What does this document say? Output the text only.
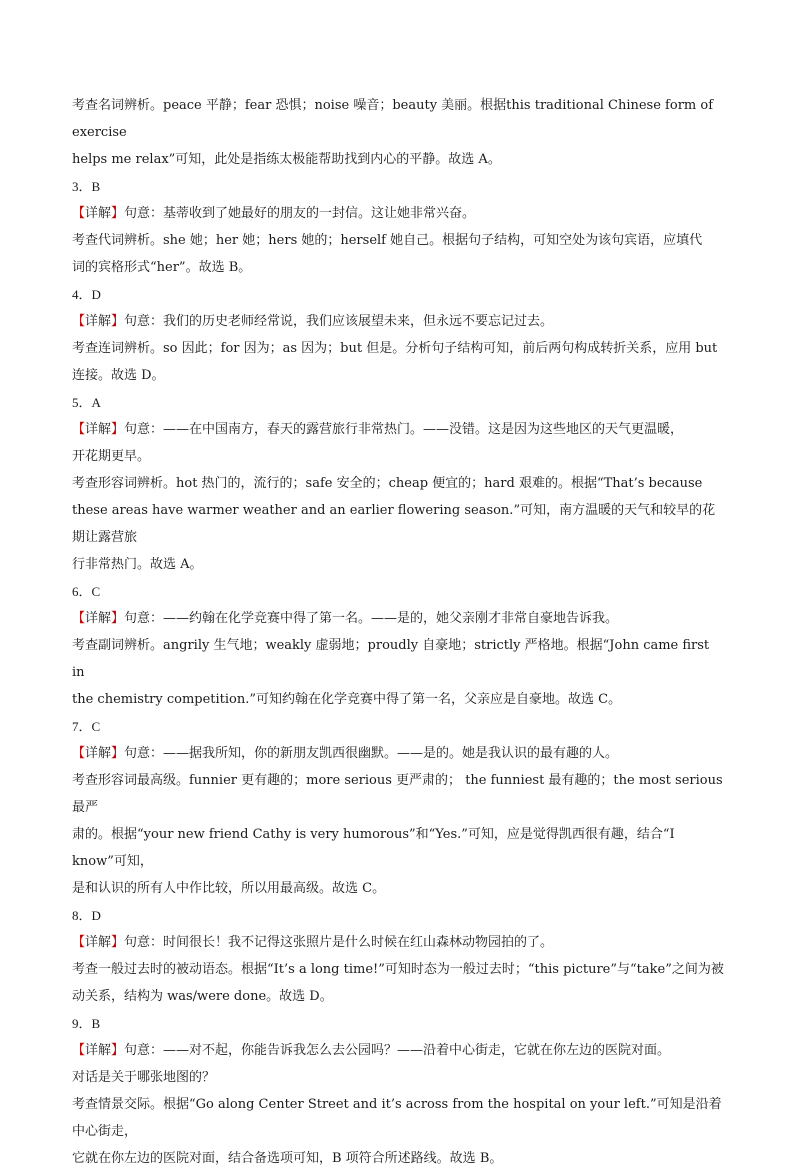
考查名词辨析。peace 平静；fear 恐惧；noise 噪音；beauty 美丽。根据this traditional Chinese form of exercise
helps me relax”可知，此处是指练太极能帮助找到内心的平静。故选 A。
3．B
【详解】句意：基蒂收到了她最好的朋友的一封信。这让她非常兴奋。
考查代词辨析。she 她；her 她；hers 她的；herself 她自己。根据句子结构，可知空处为该句宾语，应填代
词的宾格形式“her”。故选 B。
4．D
【详解】句意：我们的历史老师经常说，我们应该展望未来，但永远不要忘记过去。
考查连词辨析。so 因此；for 因为；as 因为；but 但是。分析句子结构可知，前后两句构成转折关系，应用 but
连接。故选 D。
5．A
【详解】句意：——在中国南方，春天的露营旅行非常热门。——没错。这是因为这些地区的天气更温暖，
开花期更早。
考查形容词辨析。hot 热门的，流行的；safe 安全的；cheap 便宜的；hard 艰难的。根据“That’s because
these areas have warmer weather and an earlier flowering season.”可知，南方温暖的天气和较早的花期让露营旅
行非常热门。故选 A。
6．C
【详解】句意：——约翰在化学竞赛中得了第一名。——是的，她父亲刚才非常自豪地告诉我。
考查副词辨析。angrily 生气地；weakly 虚弱地；proudly 自豪地；strictly 严格地。根据“John came first in
the chemistry competition.”可知约翰在化学竞赛中得了第一名，父亲应是自豪地。故选 C。
7．C
【详解】句意：——据我所知，你的新朋友凯西很幽默。——是的。她是我认识的最有趣的人。
考查形容词最高级。funnier 更有趣的；more serious 更严肃的； the funniest 最有趣的；the most serious 最严
肃的。根据“your new friend Cathy is very humorous”和“Yes.”可知，应是觉得凯西很有趣，结合“I know”可知，
是和认识的所有人中作比较，所以用最高级。故选 C。
8．D
【详解】句意：时间很长！我不记得这张照片是什么时候在红山森林动物园拍的了。
考查一般过去时的被动语态。根据“It’s a long time!”可知时态为一般过去时；“this picture”与“take”之间为被
动关系，结构为 was/were done。故选 D。
9．B
【详解】句意：——对不起，你能告诉我怎么去公园吗？——沿着中心街走，它就在你左边的医院对面。
对话是关于哪张地图的？
考查情景交际。根据“Go along Center Street and it’s across from the hospital on your left.”可知是沿着中心街走，
它就在你左边的医院对面，结合备选项可知，B 项符合所述路线。故选 B。
